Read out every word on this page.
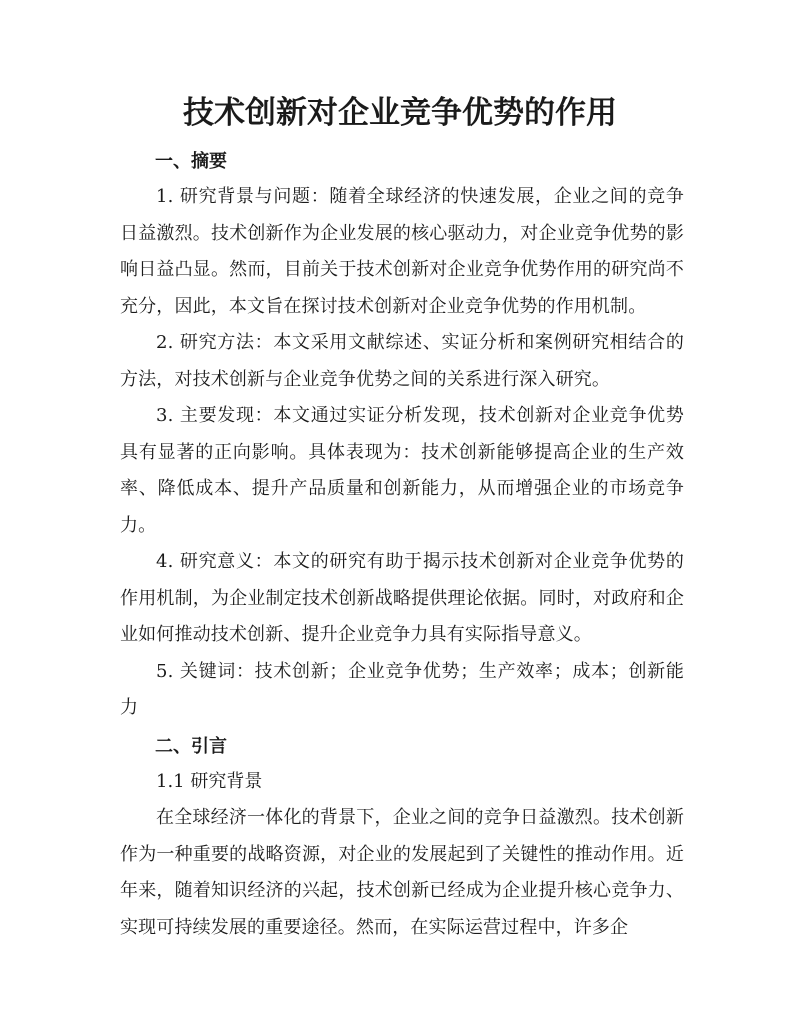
技术创新对企业竞争优势的作用
一、摘要

1. 研究背景与问题：随着全球经济的快速发展，企业之间的竞争日益激烈。技术创新作为企业发展的核心驱动力，对企业竞争优势的影响日益凸显。然而，目前关于技术创新对企业竞争优势作用的研究尚不充分，因此，本文旨在探讨技术创新对企业竞争优势的作用机制。

2. 研究方法：本文采用文献综述、实证分析和案例研究相结合的方法，对技术创新与企业竞争优势之间的关系进行深入研究。

3. 主要发现：本文通过实证分析发现，技术创新对企业竞争优势具有显著的正向影响。具体表现为：技术创新能够提高企业的生产效率、降低成本、提升产品质量和创新能力，从而增强企业的市场竞争力。

4. 研究意义：本文的研究有助于揭示技术创新对企业竞争优势的作用机制，为企业制定技术创新战略提供理论依据。同时，对政府和企业如何推动技术创新、提升企业竞争力具有实际指导意义。

5. 关键词：技术创新；企业竞争优势；生产效率；成本；创新能力

二、引言
1.1 研究背景

在全球经济一体化的背景下，企业之间的竞争日益激烈。技术创新作为一种重要的战略资源，对企业的发展起到了关键性的推动作用。近年来，随着知识经济的兴起，技术创新已经成为企业提升核心竞争力、实现可持续发展的重要途径。然而，在实际运营过程中，许多企
